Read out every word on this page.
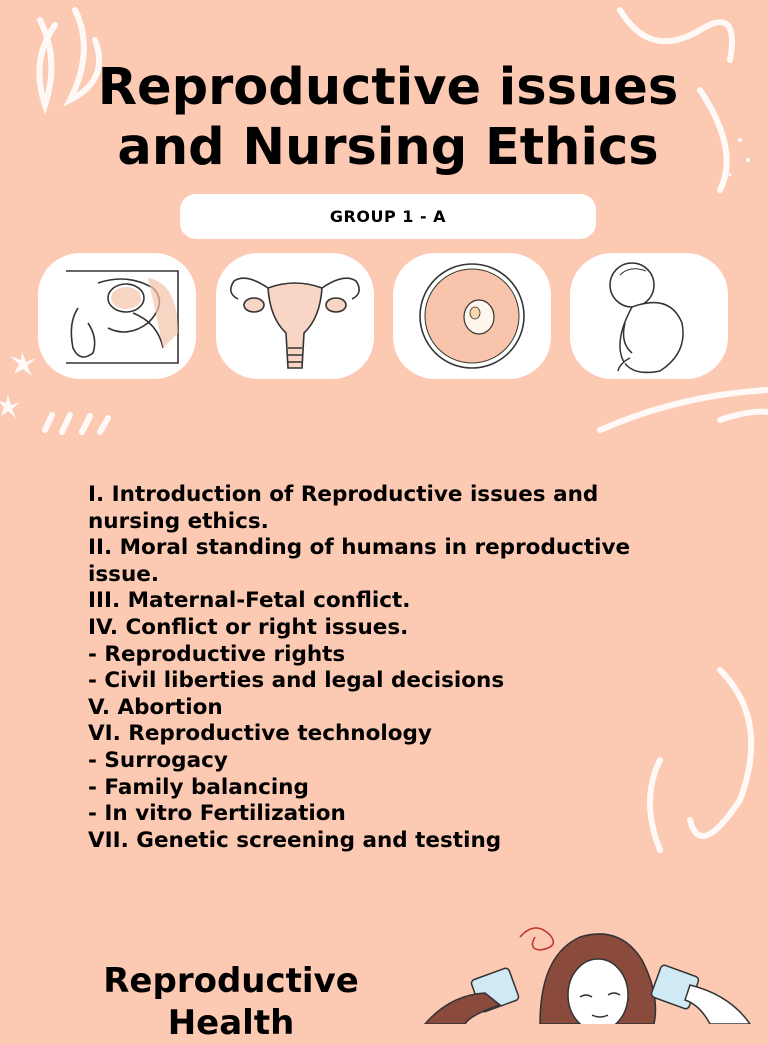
Reproductive issues
and Nursing Ethics
GROUP 1 - A
I. Introduction of Reproductive issues and
nursing ethics.
II. Moral standing of humans in reproductive
issue.
III. Maternal-Fetal conflict.
IV. Conflict or right issues.
- Reproductive rights
- Civil liberties and legal decisions
V. Abortion
VI. Reproductive technology
- Surrogacy
- Family balancing
- In vitro Fertilization
VII. Genetic screening and testing
Reproductive
Health
